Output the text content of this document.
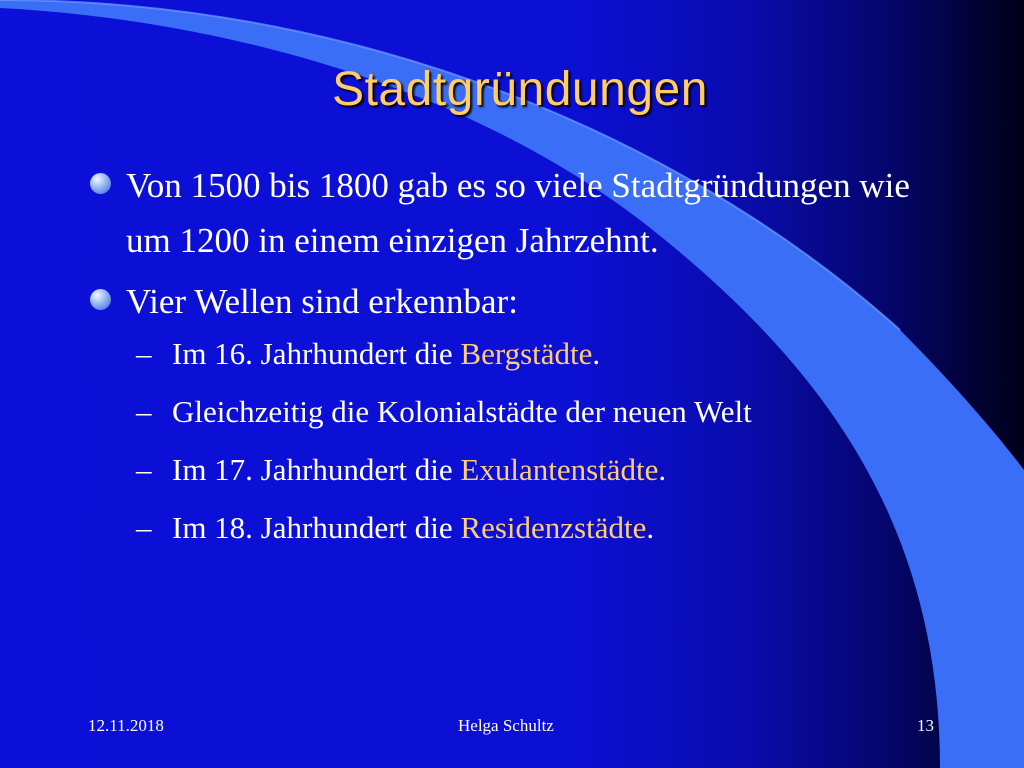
Stadtgründungen
Von 1500 bis 1800 gab es so viele Stadtgründungen wie um 1200 in einem einzigen Jahrzehnt.
Vier Wellen sind erkennbar:
– Im 16. Jahrhundert die Bergstädte.
– Gleichzeitig die Kolonialstädte der neuen Welt
– Im 17. Jahrhundert die Exulantenstädte.
– Im 18. Jahrhundert die Residenzstädte.
12.11.2018	Helga Schultz	13
